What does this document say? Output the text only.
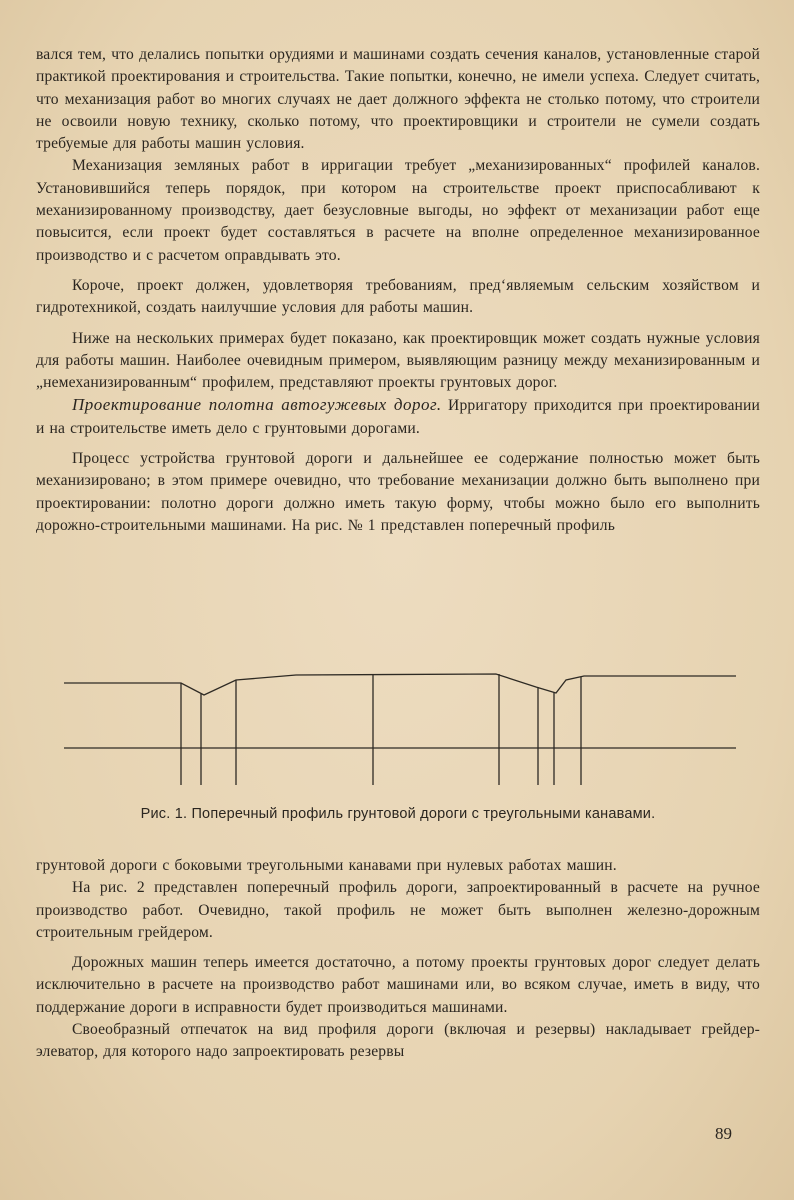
вался тем, что делались попытки орудиями и машинами создать сечения каналов, установленные старой практикой проектирования и строительства. Такие попытки, конечно, не имели успеха. Следует считать, что механизация работ во многих случаях не дает должного эффекта не столько потому, что строители не освоили новую технику, сколько потому, что проектировщики и строители не сумели создать требуемые для работы машин условия.

Механизация земляных работ в ирригации требует „механизированных“ профилей каналов. Установившийся теперь порядок, при котором на строительстве проект приспосабливают к механизированному производству, дает безусловные выгоды, но эффект от механизации работ еще повысится, если проект будет составляться в расчете на вполне определенное механизированное производство и с расчетом оправдывать это.

Короче, проект должен, удовлетворяя требованиям, пред‘являемым сельским хозяйством и гидротехникой, создать наилучшие условия для работы машин.

Ниже на нескольких примерах будет показано, как проектировщик может создать нужные условия для работы машин. Наиболее очевидным примером, выявляющим разницу между механизированным и „немеханизированным“ профилем, представляют проекты грунтовых дорог.

Проектирование полотна автогужевых дорог. Ирригатору приходится при проектировании и на строительстве иметь дело с грунтовыми дорогами.

Процесс устройства грунтовой дороги и дальнейшее ее содержание полностью может быть механизировано; в этом примере очевидно, что требование механизации должно быть выполнено при проектировании: полотно дороги должно иметь такую форму, чтобы можно было его выполнить дорожно-строительными машинами. На рис. № 1 представлен поперечный профиль

Рис. 1. Поперечный профиль грунтовой дороги с треугольными канавами.

грунтовой дороги с боковыми треугольными канавами при нулевых работах машин.

На рис. 2 представлен поперечный профиль дороги, запроектированный в расчете на ручное производство работ. Очевидно, такой профиль не может быть выполнен железно-дорожным строительным грейдером.

Дорожных машин теперь имеется достаточно, а потому проекты грунтовых дорог следует делать исключительно в расчете на производство работ машинами или, во всяком случае, иметь в виду, что поддержание дороги в исправности будет производиться машинами.

Своеобразный отпечаток на вид профиля дороги (включая и резервы) накладывает грейдер-элеватор, для которого надо запроектировать резервы

89
